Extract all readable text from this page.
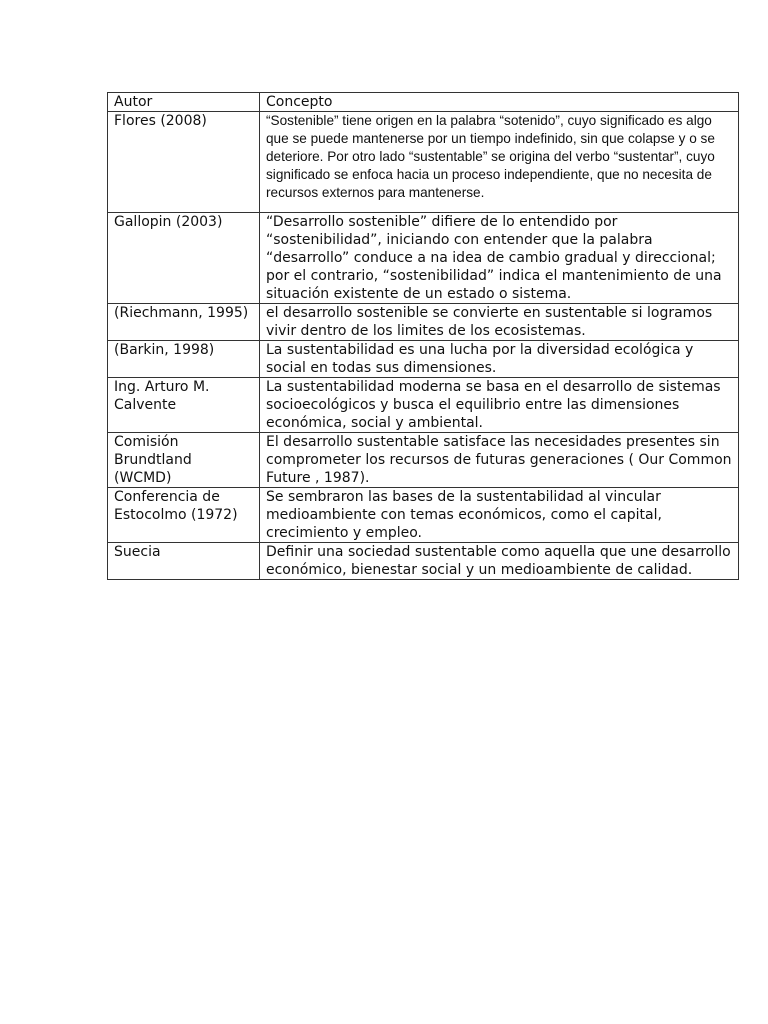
Autor	Concepto
Flores (2008)	“Sostenible” tiene origen en la palabra “sotenido”, cuyo significado es algo que se puede mantenerse por un tiempo indefinido, sin que colapse y o se deteriore. Por otro lado “sustentable” se origina del verbo “sustentar”, cuyo significado se enfoca hacia un proceso independiente, que no necesita de recursos externos para mantenerse.

Gallopin (2003)	“Desarrollo sostenible” difiere de lo entendido por “sostenibilidad”, iniciando con entender que la palabra “desarrollo” conduce a na idea de cambio gradual y direccional; por el contrario, “sostenibilidad” indica el mantenimiento de una situación existente de un estado o sistema.
(Riechmann, 1995)	el desarrollo sostenible se convierte en sustentable si logramos vivir dentro de los limites de los ecosistemas.
(Barkin, 1998)	La sustentabilidad es una lucha por la diversidad ecológica y social en todas sus dimensiones.
Ing. Arturo M. Calvente	La sustentabilidad moderna se basa en el desarrollo de sistemas socioecológicos y busca el equilibrio entre las dimensiones económica, social y ambiental.
Comisión Brundtland (WCMD)	El desarrollo sustentable satisface las necesidades presentes sin comprometer los recursos de futuras generaciones ( Our Common Future , 1987).
Conferencia de Estocolmo (1972)	Se sembraron las bases de la sustentabilidad al vincular medioambiente con temas económicos, como el capital, crecimiento y empleo.
Suecia	Definir una sociedad sustentable como aquella que une desarrollo económico, bienestar social y un medioambiente de calidad.
